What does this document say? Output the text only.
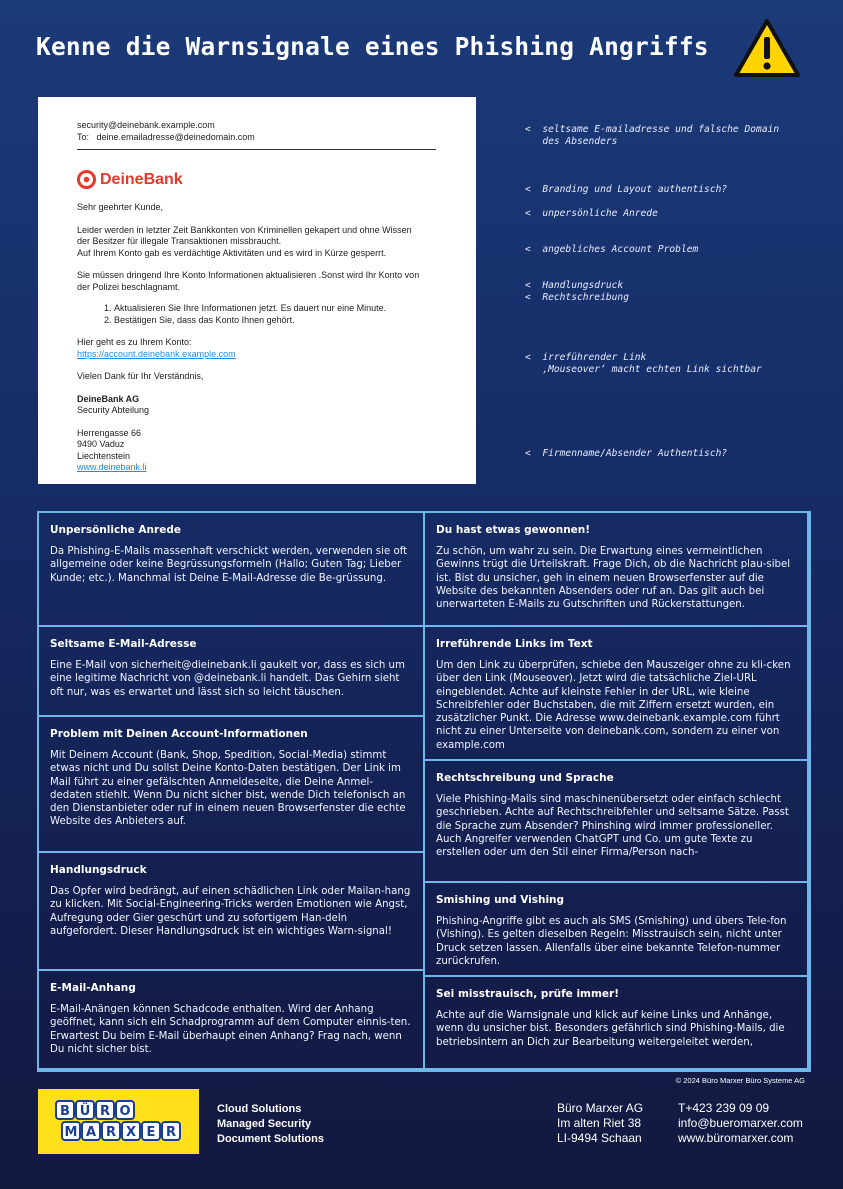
Kenne die Warnsignale eines Phishing Angriffs
security@deinebank.example.com
To: deine.emailadresse@deinedomain.com
DeineBank

Sehr geehrter Kunde,

Leider werden in letzter Zeit Bankkonten von Kriminellen gekapert und ohne Wissen
der Besitzer für illegale Transaktionen missbraucht.
Auf Ihrem Konto gab es verdächtige Aktivitäten und es wird in Kürze gesperrt.

Sie müssen dringend Ihre Konto Informationen aktualisieren .Sonst wird Ihr Konto von
der Polizei beschlagnamt.

1. Aktualisieren Sie Ihre Informationen jetzt. Es dauert nur eine Minute.
2. Bestätigen Sie, dass das Konto Ihnen gehört.

Hier geht es zu Ihrem Konto:
https://account.deinebank.example.com

Vielen Dank für Ihr Verständnis,

DeineBank AG
Security Abteilung

Herrengasse 66
9490 Vaduz
Liechtenstein
www.deinebank.li

<  seltsame E-mailadresse und falsche Domain
des Absenders
<  Branding und Layout authentisch?
<  unpersönliche Anrede
<  angebliches Account Problem
<  Handlungsdruck
<  Rechtschreibung
<  irreführender Link
‚Mouseover‘ macht echten Link sichtbar
<  Firmenname/Absender Authentisch?
Unpersönliche Anrede
Da Phishing-E-Mails massenhaft verschickt werden, verwenden sie oft allgemeine oder keine Begrüssungsformeln (Hallo; Guten Tag; Lieber Kunde; etc.). Manchmal ist Deine E-Mail-Adresse die Be-grüssung.
Seltsame E-Mail-Adresse
Eine E-Mail von sicherheit@dieinebank.li gaukelt vor, dass es sich um eine legitime Nachricht von @deinebank.li handelt. Das Gehirn sieht oft nur, was es erwartet und lässt sich so leicht täuschen.
Problem mit Deinen Account-Informationen
Mit Deinem Account (Bank, Shop, Spedition, Social-Media) stimmt etwas nicht und Du sollst Deine Konto-Daten bestätigen. Der Link im Mail führt zu einer gefälschten Anmeldeseite, die Deine Anmel-dedaten stiehlt. Wenn Du nicht sicher bist, wende Dich telefonisch an den Dienstanbieter oder ruf in einem neuen Browserfenster die echte Website des Anbieters auf.
Handlungsdruck
Das Opfer wird bedrängt, auf einen schädlichen Link oder Mailan-hang zu klicken. Mit Social-Engineering-Tricks werden Emotionen wie Angst, Aufregung oder Gier geschürt und zu sofortigem Han-deln aufgefordert. Dieser Handlungsdruck ist ein wichtiges Warn-signal!
E-Mail-Anhang
E-Mail-Anängen können Schadcode enthalten. Wird der Anhang geöffnet, kann sich ein Schadprogramm auf dem Computer einnis-ten. Erwartest Du beim E-Mail überhaupt einen Anhang? Frag nach, wenn Du nicht sicher bist.
Du hast etwas gewonnen!
Zu schön, um wahr zu sein. Die Erwartung eines vermeintlichen Gewinns trügt die Urteilskraft. Frage Dich, ob die Nachricht plau-sibel ist. Bist du unsicher, geh in einem neuen Browserfenster auf die Website des bekannten Absenders oder ruf an. Das gilt auch bei unerwarteten E-Mails zu Gutschriften und Rückerstattungen.
Irreführende Links im Text
Um den Link zu überprüfen, schiebe den Mauszeiger ohne zu kli-cken über den Link (Mouseover). Jetzt wird die tatsächliche Ziel-URL eingeblendet. Achte auf kleinste Fehler in der URL, wie kleine Schreibfehler oder Buchstaben, die mit Ziffern ersetzt wurden, ein zusätzlicher Punkt. Die Adresse www.deinebank.example.com führt nicht zu einer Unterseite von deinebank.com, sondern zu einer von example.com
Rechtschreibung und Sprache
Viele Phishing-Mails sind maschinenübersetzt oder einfach schlecht geschrieben. Achte auf Rechtschreibfehler und seltsame Sätze. Passt die Sprache zum Absender? Phinshing wird immer professioneller. Auch Angreifer verwenden ChatGPT und Co. um gute Texte zu erstellen oder um den Stil einer Firma/Person nach-
Smishing und Vishing
Phishing-Angriffe gibt es auch als SMS (Smishing) und übers Tele-fon (Vishing). Es gelten dieselben Regeln: Misstrauisch sein, nicht unter Druck setzen lassen. Allenfalls über eine bekannte Telefon-nummer zurückrufen.
Sei misstrauisch, prüfe immer!
Achte auf die Warnsignale und klick auf keine Links und Anhänge, wenn du unsicher bist. Besonders gefährlich sind Phishing-Mails, die betriebsintern an Dich zur Bearbeitung weitergeleitet werden,
© 2024 Büro Marxer Büro Systeme AG
B Ü R O
M A R X E R
Cloud Solutions
Managed Security
Document Solutions
Büro Marxer AG
Im alten Riet 38
LI-9494 Schaan
T+423 239 09 09
info@bueromarxer.com
www.büromarxer.com
